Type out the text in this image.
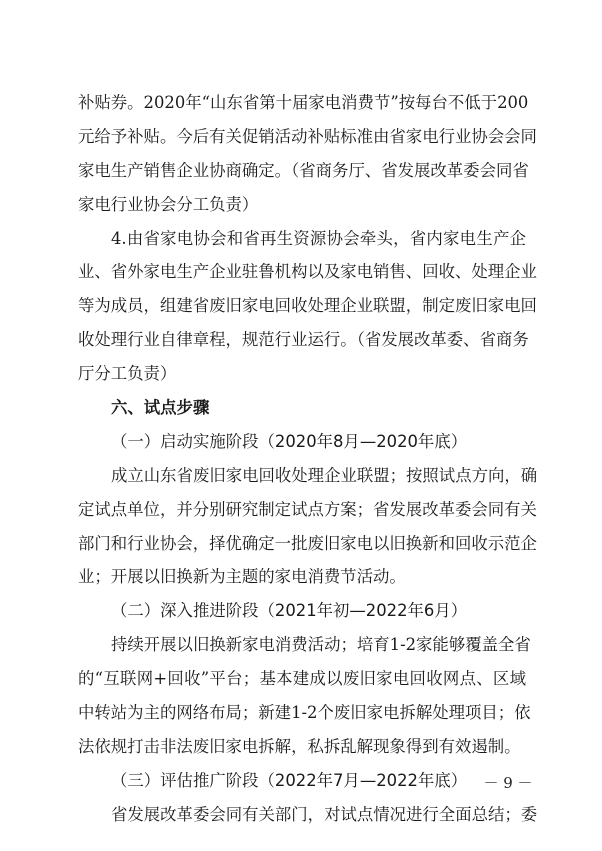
补贴券。2020年“山东省第十届家电消费节”按每台不低于200
元给予补贴。今后有关促销活动补贴标准由省家电行业协会会同
家电生产销售企业协商确定。（省商务厅、省发展改革委会同省
家电行业协会分工负责）
4.由省家电协会和省再生资源协会牵头，省内家电生产企
业、省外家电生产企业驻鲁机构以及家电销售、回收、处理企业
等为成员，组建省废旧家电回收处理企业联盟，制定废旧家电回
收处理行业自律章程，规范行业运行。（省发展改革委、省商务
厅分工负责）
六、试点步骤
（一）启动实施阶段（2020年8月—2020年底）
成立山东省废旧家电回收处理企业联盟；按照试点方向，确
定试点单位，并分别研究制定试点方案；省发展改革委会同有关
部门和行业协会，择优确定一批废旧家电以旧换新和回收示范企
业；开展以旧换新为主题的家电消费节活动。
（二）深入推进阶段（2021年初—2022年6月）
持续开展以旧换新家电消费活动；培育1-2家能够覆盖全省
的“互联网+回收”平台；基本建成以废旧家电回收网点、区域
中转站为主的网络布局；新建1-2个废旧家电拆解处理项目；依
法依规打击非法废旧家电拆解，私拆乱解现象得到有效遏制。
（三）评估推广阶段（2022年7月—2022年底）
省发展改革委会同有关部门，对试点情况进行全面总结；委
－ 9 －
